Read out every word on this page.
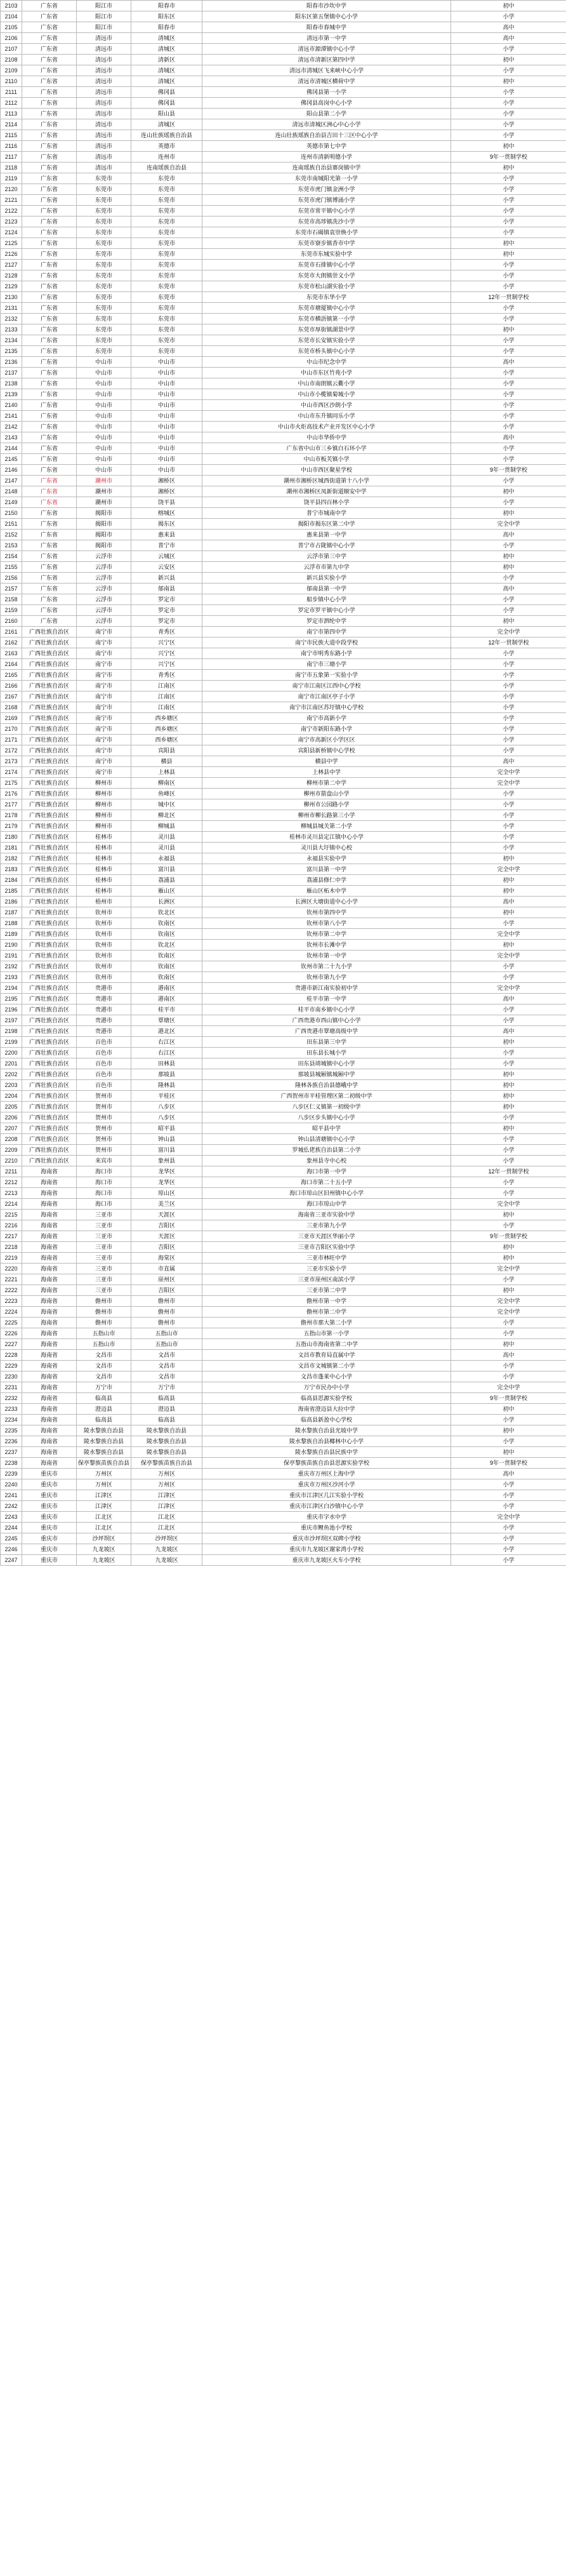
2103	广东省	阳江市	阳春市	阳春市沙坎中学	初中
2104	广东省	阳江市	阳东区	阳东区第五堡镇中心小学	小学
2105	广东省	阳江市	阳春市	阳春市春城中学	高中
2106	广东省	清远市	清城区	清远市第一中学	高中
2107	广东省	清远市	清城区	清远市源潭镇中心小学	小学
2108	广东省	清远市	清新区	清远市清新区第四中学	初中
2109	广东省	清远市	清城区	清远市清城区飞来峡中心小学	小学
2110	广东省	清远市	清城区	清远市清城区横荷中学	初中
2111	广东省	清远市	佛冈县	佛冈县第一小学	小学
2112	广东省	清远市	佛冈县	佛冈县高岗中心小学	小学
2113	广东省	清远市	阳山县	阳山县第二小学	小学
2114	广东省	清远市	清城区	清远市清城区洲心中心小学	小学
2115	广东省	清远市	连山壮族瑶族自治县	连山壮族瑶族自治县吉田十三区中心小学	小学
2116	广东省	清远市	英德市	英德市第七中学	初中
2117	广东省	清远市	连州市	连州市清新明德小学	9年一贯制学校
2118	广东省	清远市	连南瑶族自治县	连南瑶族自治县寨岗镇中学	初中
2119	广东省	东莞市	东莞市	东莞市南城阳光第一小学	小学
2120	广东省	东莞市	东莞市	东莞市虎门镇金洲小学	小学
2121	广东省	东莞市	东莞市	东莞市虎门镇博涌小学	小学
2122	广东省	东莞市	东莞市	东莞市常平镇中心小学	小学
2123	广东省	东莞市	东莞市	东莞市高埗镇冼沙小学	小学
2124	广东省	东莞市	东莞市	东莞市石碣镇袁崇焕小学	小学
2125	广东省	东莞市	东莞市	东莞市寮步镇香市中学	初中
2126	广东省	东莞市	东莞市	东莞市东城实验中学	初中
2127	广东省	东莞市	东莞市	东莞市石排镇中心小学	小学
2128	广东省	东莞市	东莞市	东莞市大朗镇崇文小学	小学
2129	广东省	东莞市	东莞市	东莞市松山湖实验小学	小学
2130	广东省	东莞市	东莞市	东莞市东华小学	12年一贯制学校
2131	广东省	东莞市	东莞市	东莞市塘厦镇中心小学	小学
2132	广东省	东莞市	东莞市	东莞市横沥镇第一小学	小学
2133	广东省	东莞市	东莞市	东莞市厚街镇湖景中学	初中
2134	广东省	东莞市	东莞市	东莞市长安镇实验小学	小学
2135	广东省	东莞市	东莞市	东莞市桥头镇中心小学	小学
2136	广东省	中山市	中山市	中山市纪念中学	高中
2137	广东省	中山市	中山市	中山市东区竹苑小学	小学
2138	广东省	中山市	中山市	中山市南朗镇云衢小学	小学
2139	广东省	中山市	中山市	中山市小榄镇菊城小学	小学
2140	广东省	中山市	中山市	中山市西区沙朗小学	小学
2141	广东省	中山市	中山市	中山市东升镇同乐小学	小学
2142	广东省	中山市	中山市	中山市火炬高技术产业开发区中心小学	小学
2143	广东省	中山市	中山市	中山市华侨中学	高中
2144	广东省	中山市	中山市	广东省中山市三乡镇白石环小学	小学
2145	广东省	中山市	中山市	中山市板芙镇小学	小学
2146	广东省	中山市	中山市	中山市西区聚星学校	9年一贯制学校
2147	广东省	潮州市	湘桥区	潮州市湘桥区城西街道第十八小学	小学
2148	广东省	潮州市	湘桥区	潮州市湘桥区凤新街道顺安中学	初中
2149	广东省	潮州市	饶平县	饶平县四百林小学	小学
2150	广东省	揭阳市	榕城区	普宁市城南中学	初中
2151	广东省	揭阳市	揭东区	揭阳市揭东区第二中学	完全中学
2152	广东省	揭阳市	惠来县	惠来县第一中学	高中
2153	广东省	揭阳市	普宁市	普宁市占陇镇中心小学	小学
2154	广东省	云浮市	云城区	云浮市第三中学	初中
2155	广东省	云浮市	云安区	云浮市市第九中学	初中
2156	广东省	云浮市	新兴县	新兴县实验小学	小学
2157	广东省	云浮市	郁南县	郁南县第一中学	高中
2158	广东省	云浮市	罗定市	船步镇中心小学	小学
2159	广东省	云浮市	罗定市	罗定市罗平镇中心小学	小学
2160	广东省	云浮市	罗定市	罗定市泗纶中学	初中
2161	广西壮族自治区	南宁市	青秀区	南宁市第四中学	完全中学
2162	广西壮族自治区	南宁市	兴宁区	南宁市民族大道中段学校	12年一贯制学校
2163	广西壮族自治区	南宁市	兴宁区	南宁市明秀东路小学	小学
2164	广西壮族自治区	南宁市	兴宁区	南宁市三塘小学	小学
2165	广西壮族自治区	南宁市	青秀区	南宁市五象第一实验小学	小学
2166	广西壮族自治区	南宁市	江南区	南宁市江南区江西中心学校	小学
2167	广西壮族自治区	南宁市	江南区	南宁市江南区亭子小学	小学
2168	广西壮族自治区	南宁市	江南区	南宁市江南区苏圩镇中心学校	小学
2169	广西壮族自治区	南宁市	西乡塘区	南宁市高新小学	小学
2170	广西壮族自治区	南宁市	西乡塘区	南宁市新阳东路小学	小学
2171	广西壮族自治区	南宁市	西乡塘区	南宁市高新区小学区区	小学
2172	广西壮族自治区	南宁市	宾阳县	宾阳县新桥镇中心学校	小学
2173	广西壮族自治区	南宁市	横县	横县中学	高中
2174	广西壮族自治区	南宁市	上林县	上林县中学	完全中学
2175	广西壮族自治区	柳州市	柳南区	柳州市第二中学	完全中学
2176	广西壮族自治区	柳州市	鱼峰区	柳州市箭盘山小学	小学
2177	广西壮族自治区	柳州市	城中区	柳州市公园路小学	小学
2178	广西壮族自治区	柳州市	柳北区	柳州市柳长路第三小学	小学
2179	广西壮族自治区	柳州市	柳城县	柳城县城关第二小学	小学
2180	广西壮族自治区	桂林市	灵川县	桂林市灵川县定江镇中心小学	小学
2181	广西壮族自治区	桂林市	灵川县	灵川县大圩镇中心校	小学
2182	广西壮族自治区	桂林市	永福县	永福县实验中学	初中
2183	广西壮族自治区	桂林市	富川县	富川县第一中学	完全中学
2184	广西壮族自治区	桂林市	荔浦县	荔浦县修仁中学	初中
2185	广西壮族自治区	桂林市	雁山区	雁山区柘木中学	初中
2186	广西壮族自治区	梧州市	长洲区	长洲区大塘街道中心小学	高中
2187	广西壮族自治区	钦州市	钦北区	钦州市第四中学	初中
2188	广西壮族自治区	钦州市	钦南区	钦州市第八小学	小学
2189	广西壮族自治区	钦州市	钦南区	钦州市第二中学	完全中学
2190	广西壮族自治区	钦州市	钦北区	钦州市长滩中学	初中
2191	广西壮族自治区	钦州市	钦南区	钦州市第一中学	完全中学
2192	广西壮族自治区	钦州市	钦南区	钦州市第二十九小学	小学
2193	广西壮族自治区	钦州市	钦南区	钦州市第九小学	小学
2194	广西壮族自治区	贵港市	港南区	贵港市新江南实验初中学	完全中学
2195	广西壮族自治区	贵港市	港南区	桂平市第一中学	高中
2196	广西壮族自治区	贵港市	桂平市	桂平市南乡镇中心小学	小学
2197	广西壮族自治区	贵港市	覃塘区	广西贵港市西山镇中心小学	小学
2198	广西壮族自治区	贵港市	港北区	广西贵港市覃塘高级中学	高中
2199	广西壮族自治区	百色市	右江区	田东县第三中学	初中
2200	广西壮族自治区	百色市	右江区	田东县长城小学	小学
2201	广西壮族自治区	百色市	田林县	田东县靖城镇中心小学	小学
2202	广西壮族自治区	百色市	那坡县	那坡县城厢镇城厢中学	初中
2203	广西壮族自治区	百色市	隆林县	隆林各族自治县德峨中学	初中
2204	广西壮族自治区	贺州市	平桂区	广西贺州市平桂管理区第二初级中学	初中
2205	广西壮族自治区	贺州市	八步区	八步区仁义镇第一初级中学	初中
2206	广西壮族自治区	贺州市	八步区	八步区步头镇中心小学	小学
2207	广西壮族自治区	贺州市	昭平县	昭平县中学	初中
2208	广西壮族自治区	贺州市	钟山县	钟山县清塘镇中心小学	小学
2209	广西壮族自治区	贺州市	富川县	罗城仫佬族自治县第二小学	小学
2210	广西壮族自治区	来宾市	象州县	象州县寺中心校	小学
2211	海南省	海口市	龙华区	海口市第一中学	12年一贯制学校
2212	海南省	海口市	龙华区	海口市第二十五小学	小学
2213	海南省	海口市	琼山区	海口市琼山区旧州镇中心小学	小学
2214	海南省	海口市	美兰区	海口市琼山中学	完全中学
2215	海南省	三亚市	天涯区	海南省三亚市实验中学	初中
2216	海南省	三亚市	吉阳区	三亚市第九小学	小学
2217	海南省	三亚市	天涯区	三亚市天涯区华丽小学	9年一贯制学校
2218	海南省	三亚市	吉阳区	三亚市吉阳区实验中学	初中
2219	海南省	三亚市	海棠区	三亚市林旺中学	初中
2220	海南省	三亚市	市直属	三亚市实验小学	完全中学
2221	海南省	三亚市	崖州区	三亚市崖州区南滨小学	小学
2222	海南省	三亚市	吉阳区	三亚市第二中学	初中
2223	海南省	儋州市	儋州市	儋州市第一中学	完全中学
2224	海南省	儋州市	儋州市	儋州市第二中学	完全中学
2225	海南省	儋州市	儋州市	儋州市那大第二小学	小学
2226	海南省	五指山市	五指山市	五指山市第一小学	小学
2227	海南省	五指山市	五指山市	五指山市海南省第二中学	初中
2228	海南省	文昌市	文昌市	文昌市教育局直属中学	高中
2229	海南省	文昌市	文昌市	文昌市文城镇第二小学	小学
2230	海南省	文昌市	文昌市	文昌市蓬莱中心小学	小学
2231	海南省	万宁市	万宁市	万宁市民办中小学	完全中学
2232	海南省	临高县	临高县	临高县思源实验学校	9年一贯制学校
2233	海南省	澄迈县	澄迈县	海南省澄迈县大拉中学	初中
2234	海南省	临高县	临高县	临高县新盈中心学校	小学
2235	海南省	陵水黎族自治县	陵水黎族自治县	陵水黎族自治县光坡中学	初中
2236	海南省	陵水黎族自治县	陵水黎族自治县	陵水黎族自治县椰林中心小学	小学
2237	海南省	陵水黎族自治县	陵水黎族自治县	陵水黎族自治县民族中学	初中
2238	海南省	保亭黎族苗族自治县	保亭黎族苗族自治县	保亭黎族苗族自治县思源实验学校	9年一贯制学校
2239	重庆市	万州区	万州区	重庆市万州区上海中学	高中
2240	重庆市	万州区	万州区	重庆市万州区沙河小学	小学
2241	重庆市	江津区	江津区	重庆市江津区几江实验小学校	小学
2242	重庆市	江津区	江津区	重庆市江津区白沙镇中心小学	小学
2243	重庆市	江北区	江北区	重庆市字水中学	完全中学
2244	重庆市	江北区	江北区	重庆市鲤鱼池小学校	小学
2245	重庆市	沙坪坝区	沙坪坝区	重庆市沙坪坝区双碑小学校	小学
2246	重庆市	九龙坡区	九龙坡区	重庆市九龙坡区谢家湾小学校	小学
2247	重庆市	九龙坡区	九龙坡区	重庆市九龙坡区火车小学校	小学
